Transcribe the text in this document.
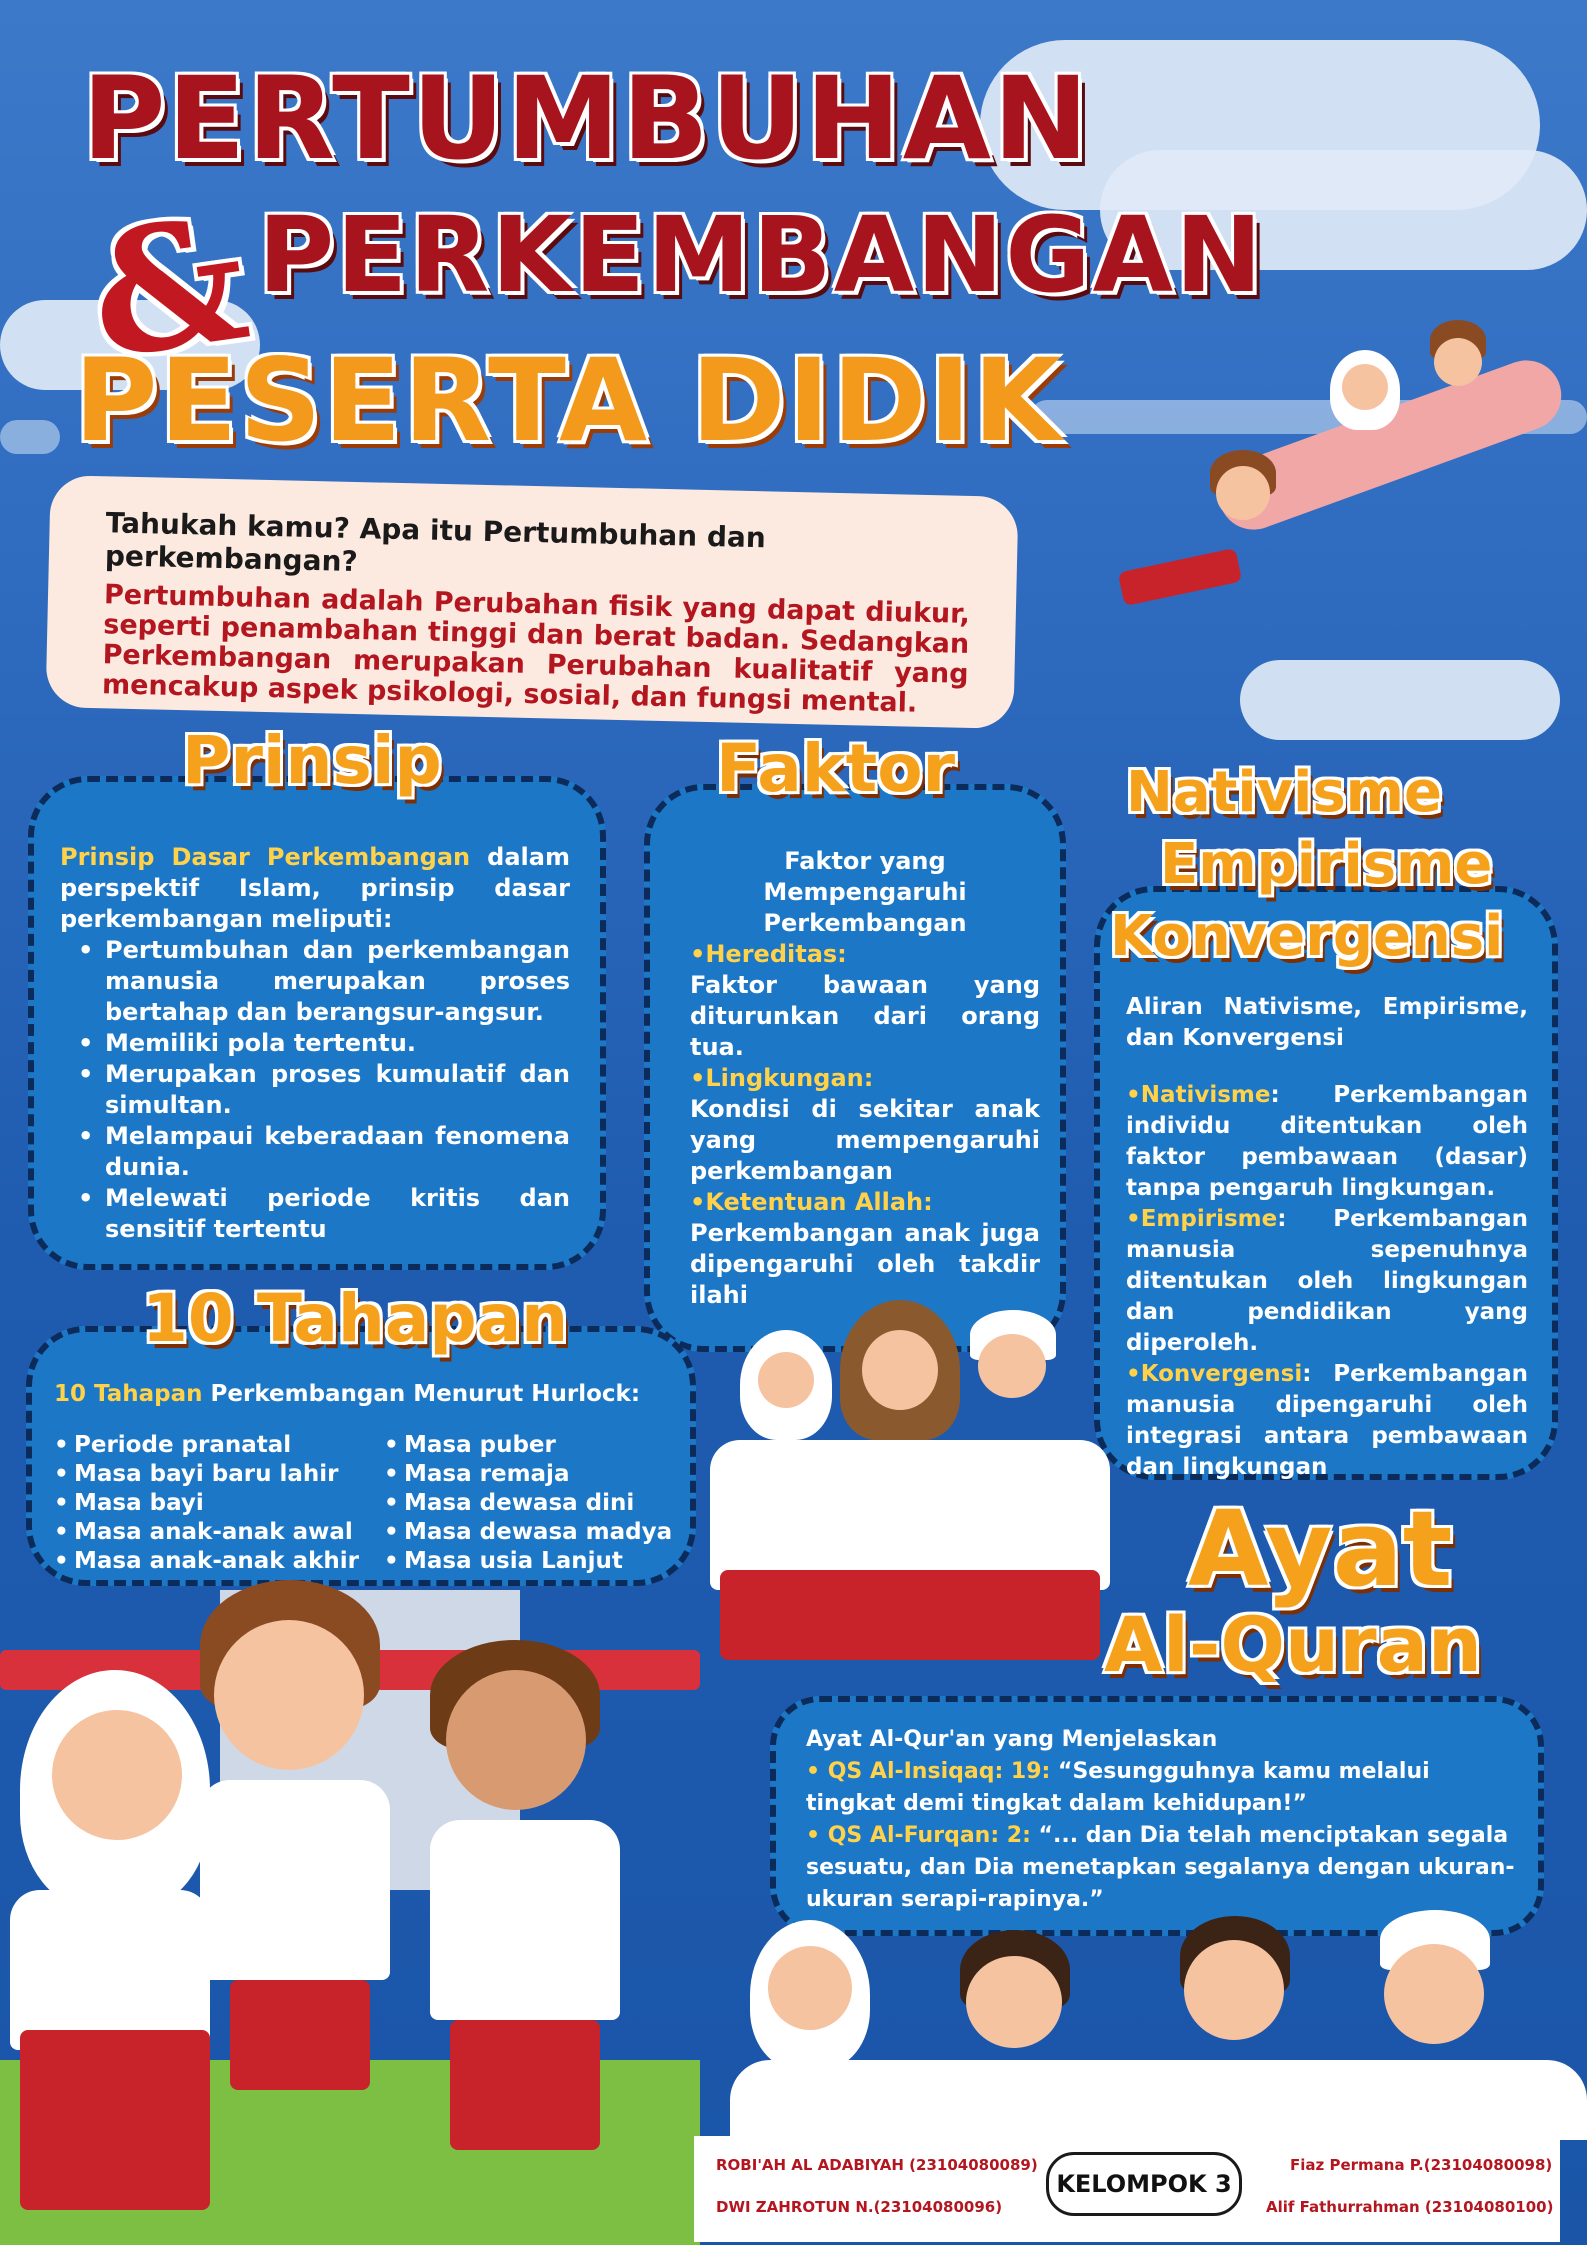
PERTUMBUHAN
& PERKEMBANGAN
PESERTA DIDIK
Tahukah kamu? Apa itu Pertumbuhan dan perkembangan?
Pertumbuhan adalah Perubahan fisik yang dapat diukur, seperti penambahan tinggi dan berat badan. Sedangkan Perkembangan merupakan Perubahan kualitatif yang mencakup aspek psikologi, sosial, dan fungsi mental.

Prinsip Dasar Perkembangan dalam perspektif Islam, prinsip dasar perkembangan meliputi:

• Pertumbuhan dan perkembangan manusia merupakan proses bertahap dan berangsur-angsur.
• Memiliki pola tertentu.
• Merupakan proses kumulatif dan simultan.
• Melampaui keberadaan fenomena dunia.
• Melewati periode kritis dan sensitif tertentu
Prinsip

Faktor yang Mempengaruhi Perkembangan

•Hereditas:

Faktor bawaan yang diturunkan dari orang tua.

•Lingkungan:

Kondisi di sekitar anak yang mempengaruhi perkembangan

•Ketentuan Allah:

Perkembangan anak juga dipengaruhi oleh takdir ilahi

Faktor

Aliran Nativisme, Empirisme, dan Konvergensi

•Nativisme: Perkembangan individu ditentukan oleh faktor pembawaan (dasar) tanpa pengaruh lingkungan.

•Empirisme: Perkembangan manusia sepenuhnya ditentukan oleh lingkungan dan pendidikan yang diperoleh.

•Konvergensi: Perkembangan manusia dipengaruhi oleh integrasi antara pembawaan dan lingkungan

Nativisme
Empirisme
Konvergensi

10 Tahapan Perkembangan Menurut Hurlock:

• Periode pranatal
• Masa bayi baru lahir
• Masa bayi
• Masa anak-anak awal
• Masa anak-anak akhir
• Masa puber
• Masa remaja
• Masa dewasa dini
• Masa dewasa madya
• Masa usia Lanjut
10 Tahapan
Ayat
Al-Quran

Ayat Al-Qur'an yang Menjelaskan

• QS Al-Insiqaq: 19: “Sesungguhnya kamu melalui tingkat demi tingkat dalam kehidupan!”

• QS Al-Furqan: 2: “... dan Dia telah menciptakan segala sesuatu, dan Dia menetapkan segalanya dengan ukuran-ukuran serapi-rapinya.”

ROBI'AH AL ADABIYAH (23104080089)
DWI ZAHROTUN N.(23104080096)
KELOMPOK 3
Fiaz Permana P.(23104080098)
Alif Fathurrahman (23104080100)
